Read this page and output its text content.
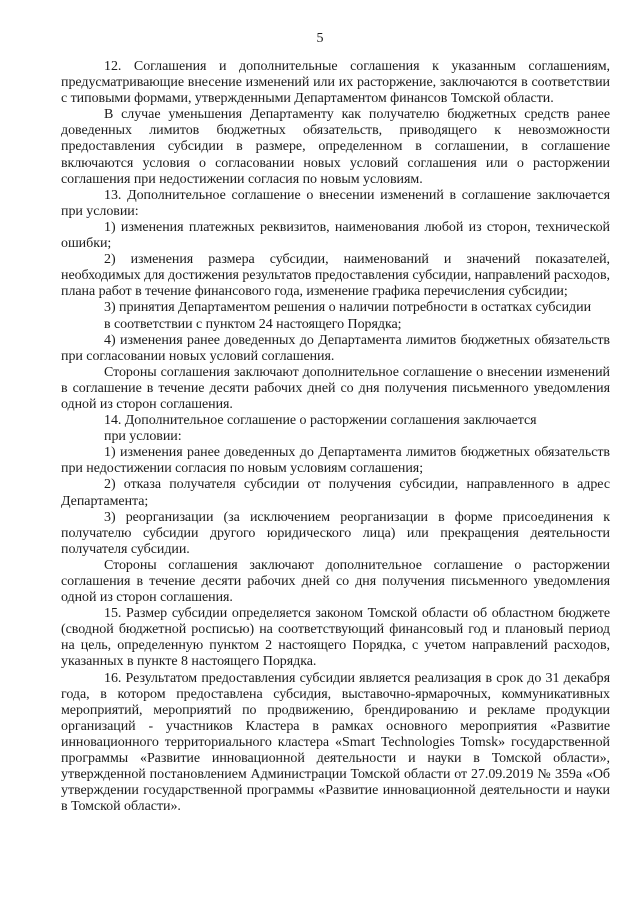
5

12. Соглашения и дополнительные соглашения к указанным соглашениям, предусматривающие внесение изменений или их расторжение, заключаются в соответствии с типовыми формами, утвержденными Департаментом финансов Томской области.

В случае уменьшения Департаменту как получателю бюджетных средств ранее доведенных лимитов бюджетных обязательств, приводящего к невозможности предоставления субсидии в размере, определенном в соглашении, в соглашение включаются условия о согласовании новых условий соглашения или о расторжении соглашения при недостижении согласия по новым условиям.

13. Дополнительное соглашение о внесении изменений в соглашение заключается при условии:

1) изменения платежных реквизитов, наименования любой из сторон, технической ошибки;

2) изменения размера субсидии, наименований и значений показателей, необходимых для достижения результатов предоставления субсидии, направлений расходов, плана работ в течение финансового года, изменение графика перечисления субсидии;

3) принятия Департаментом решения о наличии потребности в остатках субсидии

в соответствии с пунктом 24 настоящего Порядка;

4) изменения ранее доведенных до Департамента лимитов бюджетных обязательств при согласовании новых условий соглашения.

Стороны соглашения заключают дополнительное соглашение о внесении изменений в соглашение в течение десяти рабочих дней со дня получения письменного уведомления одной из сторон соглашения.

14. Дополнительное соглашение о расторжении соглашения заключается

при условии:

1) изменения ранее доведенных до Департамента лимитов бюджетных обязательств при недостижении согласия по новым условиям соглашения;

2) отказа получателя субсидии от получения субсидии, направленного в адрес Департамента;

3) реорганизации (за исключением реорганизации в форме присоединения к получателю субсидии другого юридического лица) или прекращения деятельности получателя субсидии.

Стороны соглашения заключают дополнительное соглашение о расторжении соглашения в течение десяти рабочих дней со дня получения письменного уведомления одной из сторон соглашения.

15. Размер субсидии определяется законом Томской области об областном бюджете (сводной бюджетной росписью) на соответствующий финансовый год и плановый период на цель, определенную пунктом 2 настоящего Порядка, с учетом направлений расходов, указанных в пункте 8 настоящего Порядка.

16. Результатом предоставления субсидии является реализация в срок до 31 декабря года, в котором предоставлена субсидия, выставочно-ярмарочных, коммуникативных мероприятий, мероприятий по продвижению, брендированию и рекламе продукции организаций - участников Кластера в рамках основного мероприятия «Развитие инновационного территориального кластера «Smart Technologies Tomsk» государственной программы «Развитие инновационной деятельности и науки в Томской области», утвержденной постановлением Администрации Томской области от 27.09.2019 № 359а «Об утверждении государственной программы «Развитие инновационной деятельности и науки в Томской области».
